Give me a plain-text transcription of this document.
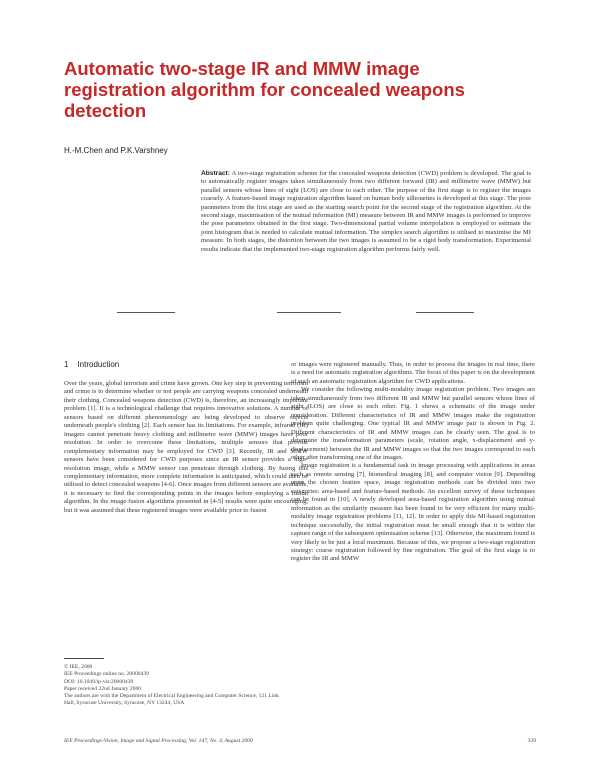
Automatic two-stage IR and MMW image
registration algorithm for concealed weapons
detection
H.-M.Chen and P.K.Varshney
Abstract: A two-stage registration scheme for the concealed weapons detection (CWD) problem is developed. The goal is to automatically register images taken simultaneously from two different forward (IR) and millimetre wave (MMW) but parallel sensors whose lines of sight (LOS) are close to each other. The purpose of the first stage is to register the images coarsely. A feature-based image registration algorithm based on human body silhouettes is developed at this stage. The pose parameters from the first stage are used as the starting search point for the second stage of the registration algorithm. At the second stage, maximisation of the mutual information (MI) measure between IR and MMW images is performed to improve the pose parameters obtained in the first stage. Two-dimensional partial volume interpolation is employed to estimate the joint histogram that is needed to calculate mutual information. The simplex search algorithm is utilised to maximise the MI measure. In both stages, the distortion between the two images is assumed to be a rigid body transformation. Experimental results indicate that the implemented two-stage registration algorithm performs fairly well.
1 Introduction

Over the years, global terrorism and crime have grown. One key step in preventing terrorism and crime is to determine whether or not people are carrying weapons concealed underneath their clothing. Concealed weapons detection (CWD) is, therefore, an increasingly important problem [1]. It is a technological challenge that requires innovative solutions. A number of sensors based on different phenomenology are being developed to observe objects underneath people's clothing [2]. Each sensor has its limitations. For example, infrared (IR) imagers cannot penetrate heavy clothing and millimetre wave (MMW) images have poor resolution. In order to overcome these limitations, multiple sensors that provide complementary information may be employed for CWD [3]. Recently, IR and MMW sensors have been considered for CWD purposes since an IR sensor provides a high-resolution image, while a MMW sensor can penetrate through clothing. By fusing this complementary information, more complete information is anticipated, which could then be utilised to detect concealed weapons [4-6]. Once images from different sensors are available, it is necessary to find the corresponding points in the images before employing a fusion algorithm. In the image fusion algorithms presented in [4-5] results were quite encouraging, but it was assumed that these registered images were available prior to fusion

or images were registered manually. Thus, in order to process the images in real time, there is a need for automatic registration algorithms. The focus of this paper is on the development of such an automatic registration algorithm for CWD applications.

We consider the following multi-modality image registration problem. Two images are taken simultaneously from two different IR and MMW but parallel sensors whose lines of sight (LOS) are close to each other. Fig. 1 shows a schematic of the image under consideration. Different characteristics of IR and MMW images make the registration problem quite challenging. One typical IR and MMW image pair is shown in Fig. 2. Different characteristics of IR and MMW images can be clearly seen. The goal is to determine the transformation parameters (scale, rotation angle, x-displacement and y-displacement) between the IR and MMW images so that the two images correspond to each other after transforming one of the images.

Image registration is a fundamental task in image processing with applications in areas such as remote sensing [7], biomedical imaging [8], and computer vision [9]. Depending upon the chosen feature space, image registration methods can be divided into two categories: area-based and feature-based methods. An excellent survey of these techniques can be found in [10]. A newly developed area-based registration algorithm using mutual information as the similarity measure has been found to be very efficient for many multi-modality image registration problems [11, 12]. In order to apply this MI-based registration technique successfully, the initial registration must be small enough that it is within the capture range of the subsequent optimisation scheme [13]. Otherwise, the maximum found is very likely to be just a local maximum. Because of this, we propose a two-stage registration strategy: coarse registration followed by fine registration. The goal of the first stage is to register the IR and MMW

© IEE, 2000
IEE Proceedings online no. 20000439
DOI: 10.1049/ip-vis:20000439
Paper received 22nd January 2000
The authors are with the Department of Electrical Engineering and Computer Science, 121 Link Hall, Syracuse University, Syracuse, NY 13244, USA
IEE Proceedings-Vision, Image and Signal Processing, Vol. 147, No. 4, August 2000	339
